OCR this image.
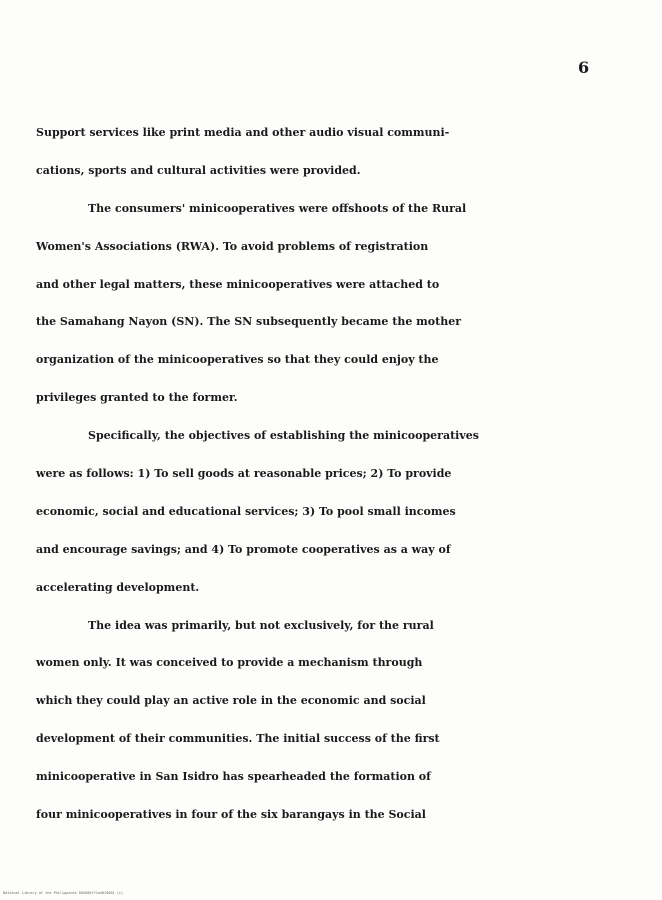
6
Support services like print media and other audio visual communi-
cations, sports and cultural activities were provided.
The consumers' minicooperatives were offshoots of the Rural
Women's Associations (RWA). To avoid problems of registration
and other legal matters, these minicooperatives were attached to
the Samahang Nayon (SN). The SN subsequently became the mother
organization of the minicooperatives so that they could enjoy the
privileges granted to the former.
Specifically, the objectives of establishing the minicooperatives
were as follows: 1) To sell goods at reasonable prices; 2) To provide
economic, social and educational services; 3) To pool small incomes
and encourage savings; and 4) To promote cooperatives as a way of
accelerating development.
The idea was primarily, but not exclusively, for the rural
women only. It was conceived to provide a mechanism through
which they could play an active role in the economic and social
development of their communities. The initial success of the first
minicooperative in San Isidro has spearheaded the formation of
four minicooperatives in four of the six barangays in the Social
National Library of the Philippines ROS0007f1a4019001 (c)
